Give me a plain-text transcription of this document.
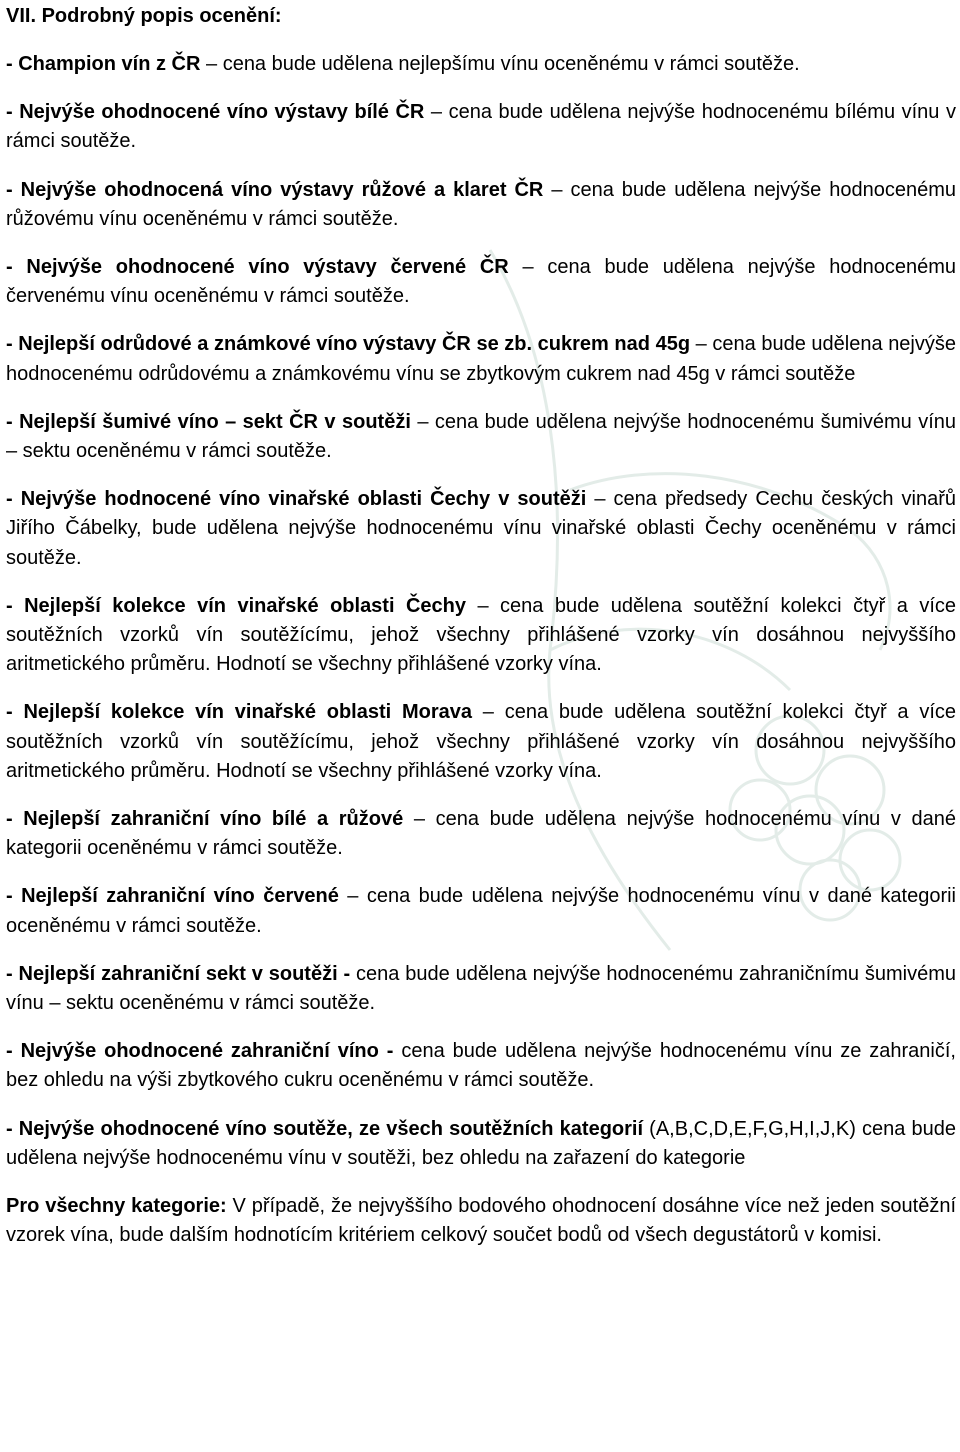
VII. Podrobný popis ocenění:

- Champion vín z ČR – cena bude udělena nejlepšímu vínu oceněnému v rámci soutěže.

- Nejvýše ohodnocené víno výstavy bílé ČR – cena bude udělena nejvýše hodnocenému bílému vínu v rámci soutěže.

- Nejvýše ohodnocená víno výstavy růžové a klaret ČR – cena bude udělena nejvýše hodnocenému růžovému vínu oceněnému v rámci soutěže.

- Nejvýše ohodnocené víno výstavy červené ČR – cena bude udělena nejvýše hodnocenému červenému vínu oceněnému v rámci soutěže.

- Nejlepší odrůdové a známkové víno výstavy ČR se zb. cukrem nad 45g – cena bude udělena nejvýše hodnocenému odrůdovému a známkovému vínu se zbytkovým cukrem nad 45g v rámci soutěže

- Nejlepší šumivé víno – sekt ČR v soutěži – cena bude udělena nejvýše hodnocenému šumivému vínu – sektu oceněnému v rámci soutěže.

- Nejvýše hodnocené víno vinařské oblasti Čechy v soutěži – cena předsedy Cechu českých vinařů Jiřího Čábelky, bude udělena nejvýše hodnocenému vínu vinařské oblasti Čechy oceněnému v rámci soutěže.

- Nejlepší kolekce vín vinařské oblasti Čechy – cena bude udělena soutěžní kolekci čtyř a více soutěžních vzorků vín soutěžícímu, jehož všechny přihlášené vzorky vín dosáhnou nejvyššího aritmetického průměru. Hodnotí se všechny přihlášené vzorky vína.

- Nejlepší kolekce vín vinařské oblasti Morava – cena bude udělena soutěžní kolekci čtyř a více soutěžních vzorků vín soutěžícímu, jehož všechny přihlášené vzorky vín dosáhnou nejvyššího aritmetického průměru. Hodnotí se všechny přihlášené vzorky vína.

- Nejlepší zahraniční víno bílé a růžové – cena bude udělena nejvýše hodnocenému vínu v dané kategorii oceněnému v rámci soutěže.

- Nejlepší zahraniční víno červené – cena bude udělena nejvýše hodnocenému vínu v dané kategorii oceněnému v rámci soutěže.

- Nejlepší zahraniční sekt v soutěži - cena bude udělena nejvýše hodnocenému zahraničnímu šumivému vínu – sektu oceněnému v rámci soutěže.

- Nejvýše ohodnocené zahraniční víno - cena bude udělena nejvýše hodnocenému vínu ze zahraničí, bez ohledu na výši zbytkového cukru oceněnému v rámci soutěže.

- Nejvýše ohodnocené víno soutěže, ze všech soutěžních kategorií (A,B,C,D,E,F,G,H,I,J,K) cena bude udělena nejvýše hodnocenému vínu v soutěži, bez ohledu na zařazení do kategorie

Pro všechny kategorie: V případě, že nejvyššího bodového ohodnocení dosáhne více než jeden soutěžní vzorek vína, bude dalším hodnotícím kritériem celkový součet bodů od všech degustátorů v komisi.
